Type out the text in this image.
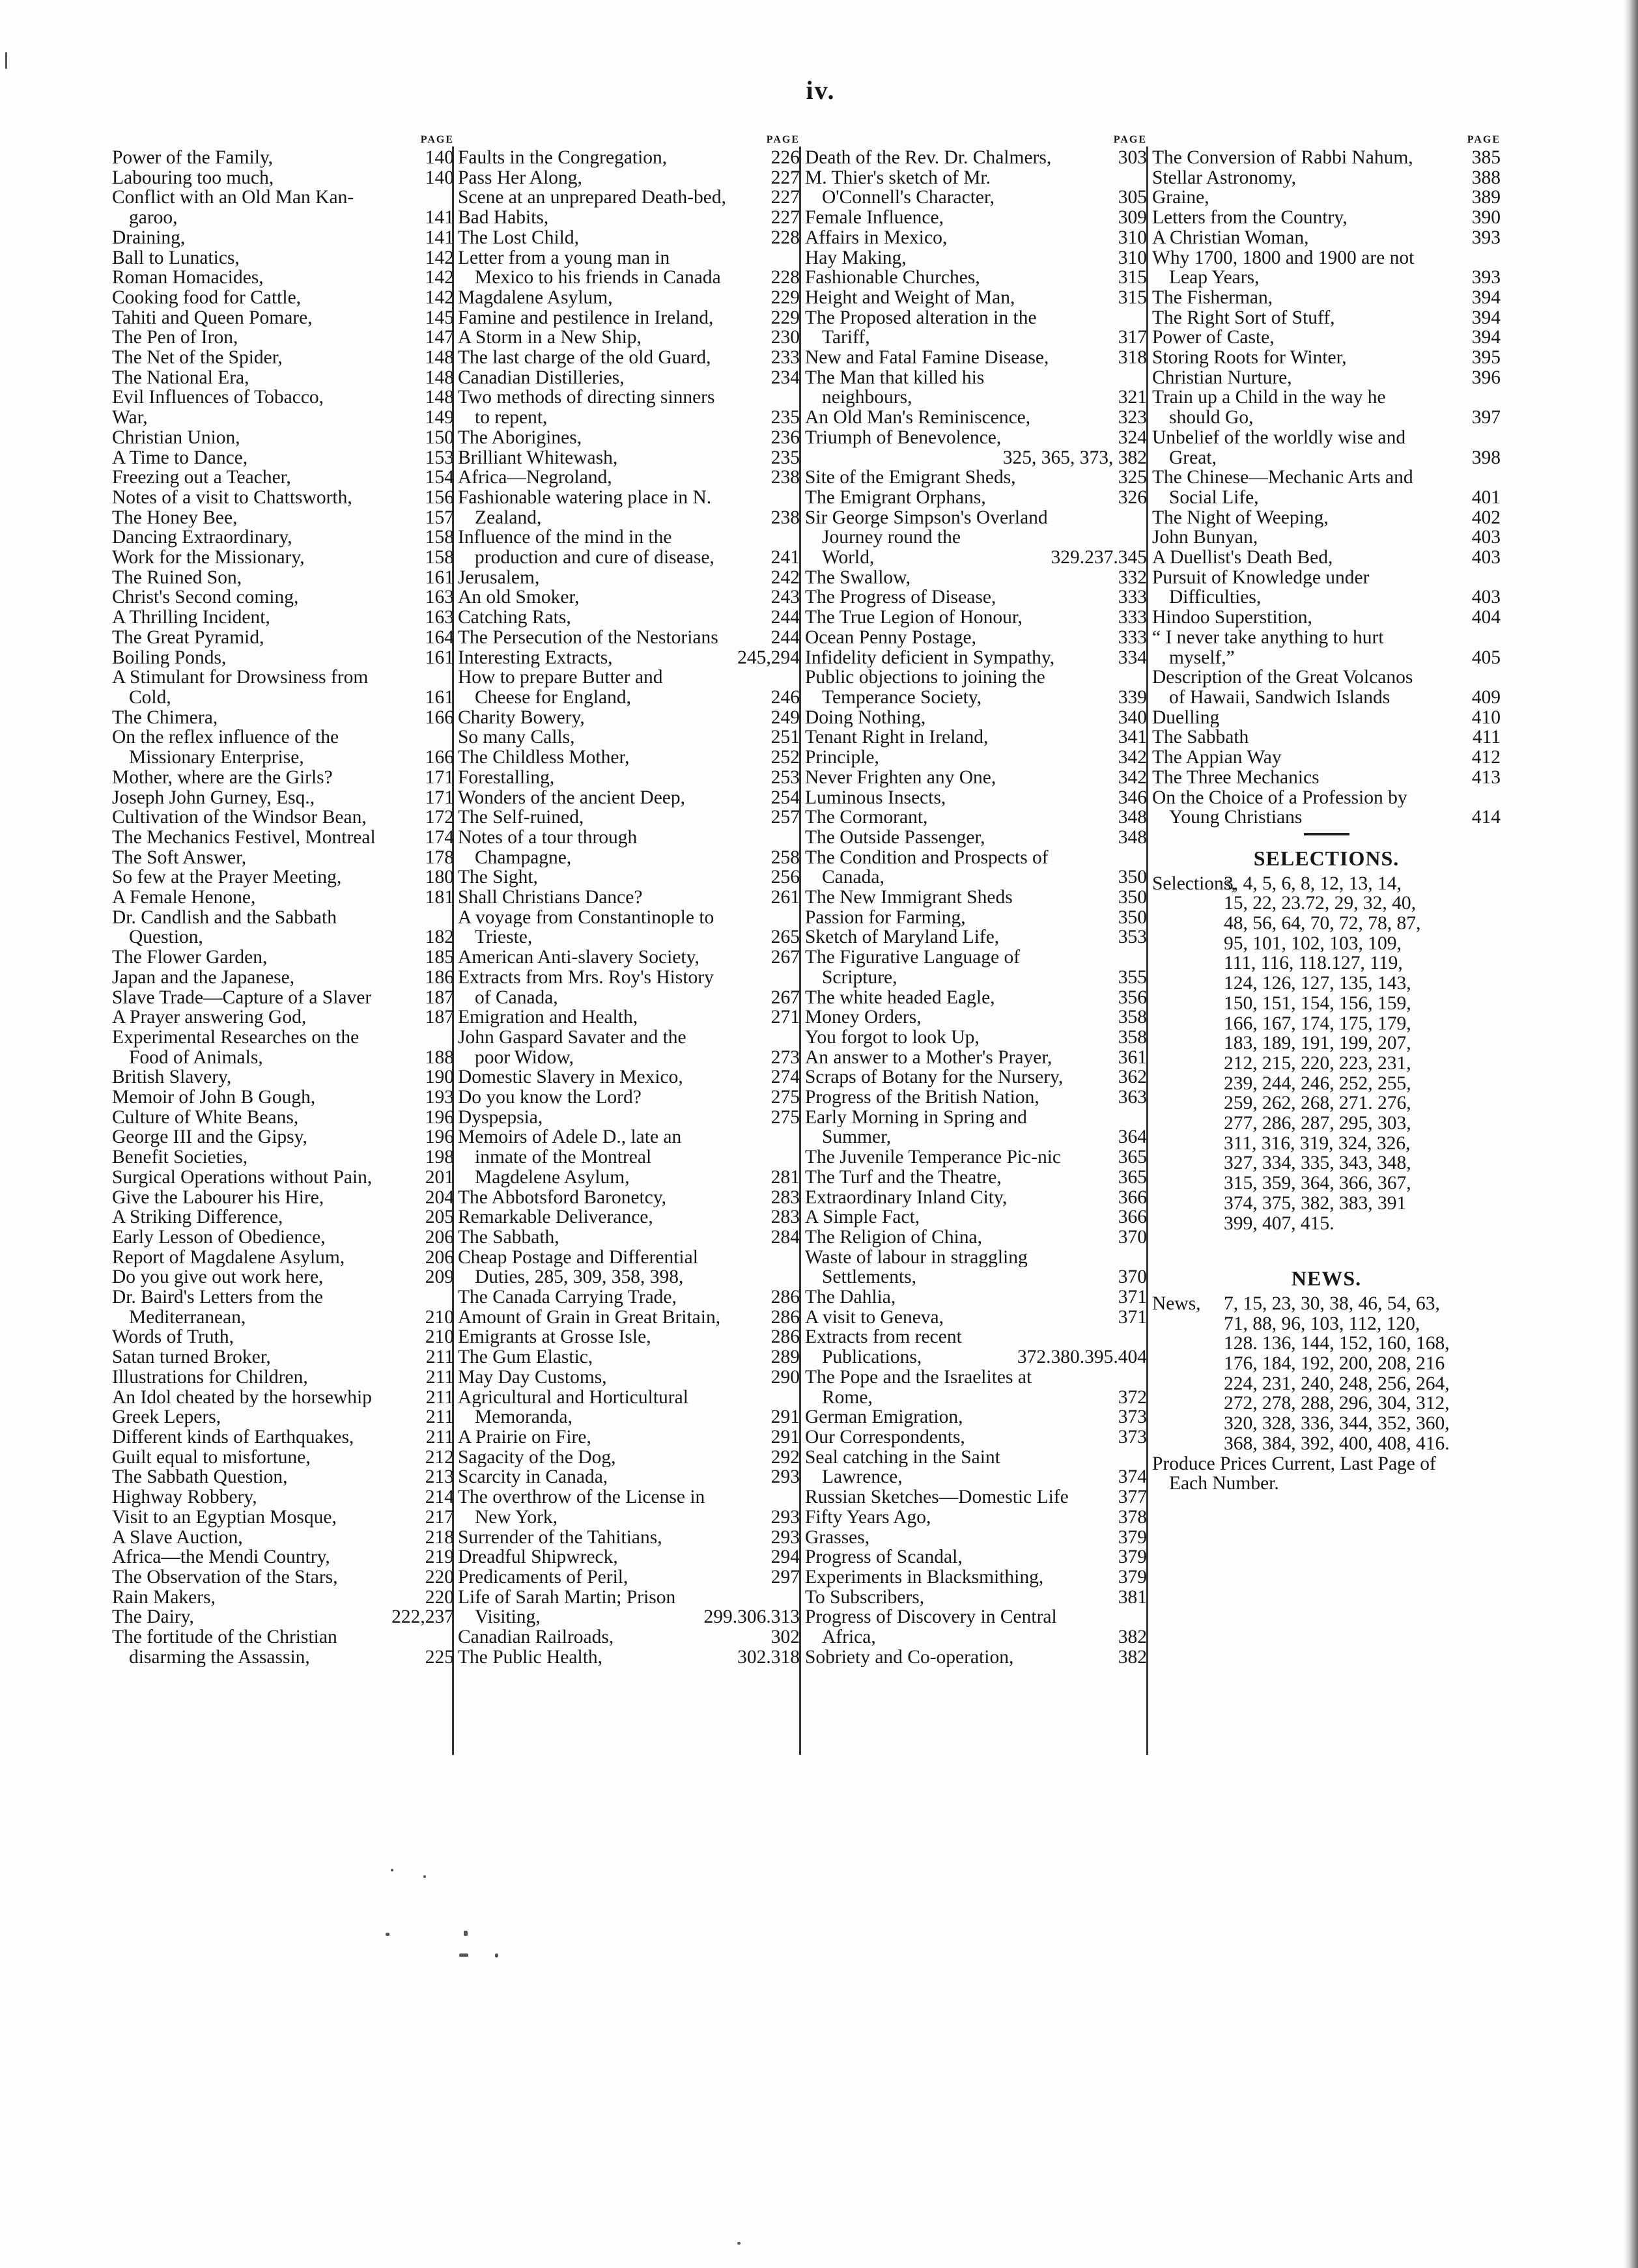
iv.
PAGE
Power of the Family,	140
Labouring too much,	140
Conflict with an Old Man Kan-
garoo,	141
Draining,	141
Ball to Lunatics,	142
Roman Homacides,	142
Cooking food for Cattle,	142
Tahiti and Queen Pomare,	145
The Pen of Iron,	147
The Net of the Spider,	148
The National Era,	148
Evil Influences of Tobacco,	148
War,	149
Christian Union,	150
A Time to Dance,	153
Freezing out a Teacher,	154
Notes of a visit to Chattsworth,	156
The Honey Bee,	157
Dancing Extraordinary,	158
Work for the Missionary,	158
The Ruined Son,	161
Christ's Second coming,	163
A Thrilling Incident,	163
The Great Pyramid,	164
Boiling Ponds,	161
A Stimulant for Drowsiness from
Cold,	161
The Chimera,	166
On the reflex influence of the
Missionary Enterprise,	166
Mother, where are the Girls?	171
Joseph John Gurney, Esq.,	171
Cultivation of the Windsor Bean,	172
The Mechanics Festivel, Montreal	174
The Soft Answer,	178
So few at the Prayer Meeting,	180
A Female Henone,	181
Dr. Candlish and the Sabbath
Question,	182
The Flower Garden,	185
Japan and the Japanese,	186
Slave Trade—Capture of a Slaver	187
A Prayer answering God,	187
Experimental Researches on the
Food of Animals,	188
British Slavery,	190
Memoir of John B Gough,	193
Culture of White Beans,	196
George III and the Gipsy,	196
Benefit Societies,	198
Surgical Operations without Pain,	201
Give the Labourer his Hire,	204
A Striking Difference,	205
Early Lesson of Obedience,	206
Report of Magdalene Asylum,	206
Do you give out work here,	209
Dr. Baird's Letters from the
Mediterranean,	210
Words of Truth,	210
Satan turned Broker,	211
Illustrations for Children,	211
An Idol cheated by the horsewhip	211
Greek Lepers,	211
Different kinds of Earthquakes,	211
Guilt equal to misfortune,	212
The Sabbath Question,	213
Highway Robbery,	214
Visit to an Egyptian Mosque,	217
A Slave Auction,	218
Africa—the Mendi Country,	219
The Observation of the Stars,	220
Rain Makers,	220
The Dairy,	222,237
The fortitude of the Christian
disarming the Assassin,	225
PAGE
Faults in the Congregation,	226
Pass Her Along,	227
Scene at an unprepared Death-bed,	227
Bad Habits,	227
The Lost Child,	228
Letter from a young man in
Mexico to his friends in Canada	228
Magdalene Asylum,	229
Famine and pestilence in Ireland,	229
A Storm in a New Ship,	230
The last charge of the old Guard,	233
Canadian Distilleries,	234
Two methods of directing sinners
to repent,	235
The Aborigines,	236
Brilliant Whitewash,	235
Africa—Negroland,	238
Fashionable watering place in N.
Zealand,	238
Influence of the mind in the
production and cure of disease,	241
Jerusalem,	242
An old Smoker,	243
Catching Rats,	244
The Persecution of the Nestorians	244
Interesting Extracts,	245,294
How to prepare Butter and
Cheese for England,	246
Charity Bowery,	249
So many Calls,	251
The Childless Mother,	252
Forestalling,	253
Wonders of the ancient Deep,	254
The Self-ruined,	257
Notes of a tour through
Champagne,	258
The Sight,	256
Shall Christians Dance?	261
A voyage from Constantinople to
Trieste,	265
American Anti-slavery Society,	267
Extracts from Mrs. Roy's History
of Canada,	267
Emigration and Health,	271
John Gaspard Savater and the
poor Widow,	273
Domestic Slavery in Mexico,	274
Do you know the Lord?	275
Dyspepsia,	275
Memoirs of Adele D., late an
inmate of the Montreal
Magdelene Asylum,	281
The Abbotsford Baronetcy,	283
Remarkable Deliverance,	283
The Sabbath,	284
Cheap Postage and Differential
Duties, 285, 309, 358, 398,
The Canada Carrying Trade,	286
Amount of Grain in Great Britain,	286
Emigrants at Grosse Isle,	286
The Gum Elastic,	289
May Day Customs,	290
Agricultural and Horticultural
Memoranda,	291
A Prairie on Fire,	291
Sagacity of the Dog,	292
Scarcity in Canada,	293
The overthrow of the License in
New York,	293
Surrender of the Tahitians,	293
Dreadful Shipwreck,	294
Predicaments of Peril,	297
Life of Sarah Martin; Prison
Visiting,	299.306.313
Canadian Railroads,	302
The Public Health,	302.318
PAGE
Death of the Rev. Dr. Chalmers,	303
M. Thier's sketch of Mr.
O'Connell's Character,	305
Female Influence,	309
Affairs in Mexico,	310
Hay Making,	310
Fashionable Churches,	315
Height and Weight of Man,	315
The Proposed alteration in the
Tariff,	317
New and Fatal Famine Disease,	318
The Man that killed his
neighbours,	321
An Old Man's Reminiscence,	323
Triumph of Benevolence,	324
325, 365, 373, 382
Site of the Emigrant Sheds,	325
The Emigrant Orphans,	326
Sir George Simpson's Overland
Journey round the
World,	329.237.345
The Swallow,	332
The Progress of Disease,	333
The True Legion of Honour,	333
Ocean Penny Postage,	333
Infidelity deficient in Sympathy,	334
Public objections to joining the
Temperance Society,	339
Doing Nothing,	340
Tenant Right in Ireland,	341
Principle,	342
Never Frighten any One,	342
Luminous Insects,	346
The Cormorant,	348
The Outside Passenger,	348
The Condition and Prospects of
Canada,	350
The New Immigrant Sheds	350
Passion for Farming,	350
Sketch of Maryland Life,	353
The Figurative Language of
Scripture,	355
The white headed Eagle,	356
Money Orders,	358
You forgot to look Up,	358
An answer to a Mother's Prayer,	361
Scraps of Botany for the Nursery,	362
Progress of the British Nation,	363
Early Morning in Spring and
Summer,	364
The Juvenile Temperance Pic-nic	365
The Turf and the Theatre,	365
Extraordinary Inland City,	366
A Simple Fact,	366
The Religion of China,	370
Waste of labour in straggling
Settlements,	370
The Dahlia,	371
A visit to Geneva,	371
Extracts from recent
Publications,	372.380.395.404
The Pope and the Israelites at
Rome,	372
German Emigration,	373
Our Correspondents,	373
Seal catching in the Saint
Lawrence,	374
Russian Sketches—Domestic Life	377
Fifty Years Ago,	378
Grasses,	379
Progress of Scandal,	379
Experiments in Blacksmithing,	379
To Subscribers,	381
Progress of Discovery in Central
Africa,	382
Sobriety and Co-operation,	382
PAGE
The Conversion of Rabbi Nahum,	385
Stellar Astronomy,	388
Graine,	389
Letters from the Country,	390
A Christian Woman,	393
Why 1700, 1800 and 1900 are not
Leap Years,	393
The Fisherman,	394
The Right Sort of Stuff,	394
Power of Caste,	394
Storing Roots for Winter,	395
Christian Nurture,	396
Train up a Child in the way he
should Go,	397
Unbelief of the worldly wise and
Great,	398
The Chinese—Mechanic Arts and
Social Life,	401
The Night of Weeping,	402
John Bunyan,	403
A Duellist's Death Bed,	403
Pursuit of Knowledge under
Difficulties,	403
Hindoo Superstition,	404
“ I never take anything to hurt
myself,”	405
Description of the Great Volcanos
of Hawaii, Sandwich Islands	409
Duelling	410
The Sabbath	411
The Appian Way	412
The Three Mechanics	413
On the Choice of a Profession by
Young Christians	414
SELECTIONS.
Selections,
3, 4, 5, 6, 8, 12, 13, 14,
15, 22, 23.72, 29, 32, 40,
48, 56, 64, 70, 72, 78, 87,
95, 101, 102, 103, 109,
111, 116, 118.127, 119,
124, 126, 127, 135, 143,
150, 151, 154, 156, 159,
166, 167, 174, 175, 179,
183, 189, 191, 199, 207,
212, 215, 220, 223, 231,
239, 244, 246, 252, 255,
259, 262, 268, 271. 276,
277, 286, 287, 295, 303,
311, 316, 319, 324, 326,
327, 334, 335, 343, 348,
315, 359, 364, 366, 367,
374, 375, 382, 383, 391
399, 407, 415.
NEWS.
News,	7, 15, 23, 30, 38, 46, 54, 63,
71, 88, 96, 103, 112, 120,
128. 136, 144, 152, 160, 168,
176, 184, 192, 200, 208, 216
224, 231, 240, 248, 256, 264,
272, 278, 288, 296, 304, 312,
320, 328, 336, 344, 352, 360,
368, 384, 392, 400, 408, 416.
Produce Prices Current, Last Page of
Each Number.
